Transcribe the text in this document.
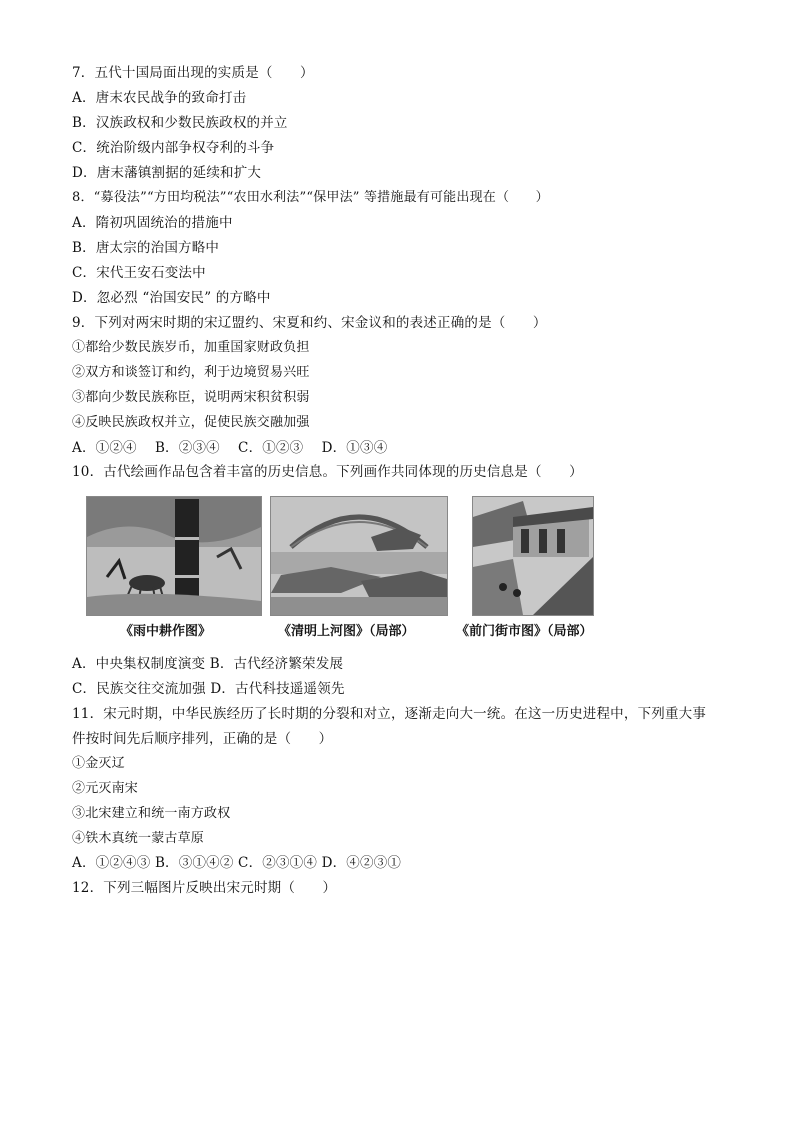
7．五代十国局面出现的实质是（　　）
A．唐末农民战争的致命打击
B．汉族政权和少数民族政权的并立
C．统治阶级内部争权夺利的斗争
D．唐末藩镇割据的延续和扩大
8．“募役法”“方田均税法”“农田水利法”“保甲法” 等措施最有可能出现在（　　）
A．隋初巩固统治的措施中
B．唐太宗的治国方略中
C．宋代王安石变法中
D．忽必烈 “治国安民” 的方略中
9．下列对两宋时期的宋辽盟约、宋夏和约、宋金议和的表述正确的是（　　）
①都给少数民族岁币，加重国家财政负担
②双方和谈签订和约，利于边境贸易兴旺
③都向少数民族称臣，说明两宋积贫积弱
④反映民族政权并立，促使民族交融加强
A．①②④　 B．②③④　 C．①②③　 D．①③④
10．古代绘画作品包含着丰富的历史信息。下列画作共同体现的历史信息是（　　）
《雨中耕作图》	《清明上河图》（局部）	《前门街市图》（局部）
A．中央集权制度演变 B．古代经济繁荣发展
C．民族交往交流加强 D．古代科技遥遥领先
11．宋元时期，中华民族经历了长时期的分裂和对立，逐渐走向大一统。在这一历史进程中，下列重大事
件按时间先后顺序排列，正确的是（　　）
①金灭辽
②元灭南宋
③北宋建立和统一南方政权
④铁木真统一蒙古草原
A．①②④③ B．③①④② C．②③①④ D．④②③①
12．下列三幅图片反映出宋元时期（　　）
